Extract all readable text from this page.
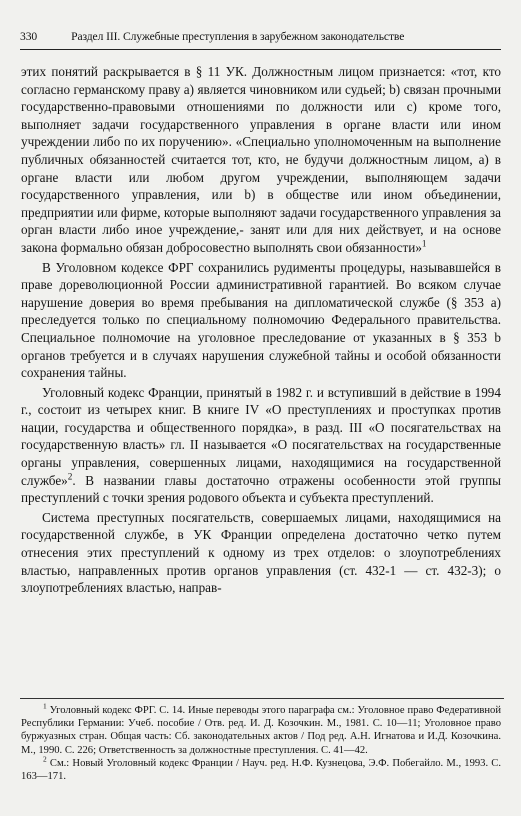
330	Раздел III. Служебные преступления в зарубежном законодательстве

этих понятий раскрывается в § 11 УК. Должностным лицом признается: «тот, кто согласно германскому праву а) является чиновником или судьей; b) связан прочными государственно-правовыми отношениями по должности или с) кроме того, выполняет задачи государственного управления в органе власти или ином учреждении либо по их поручению». «Специально уполномоченным на выполнение публичных обязанностей считается тот, кто, не будучи должностным лицом, а) в органе власти или любом другом учреждении, выполняющем задачи государственного управления, или b) в обществе или ином объединении, предприятии или фирме, которые выполняют задачи государственного управления за орган власти либо иное учреждение,- занят или для них действует, и на основе закона формально обязан добросовестно выполнять свои обязанности»$^1$

В Уголовном кодексе ФРГ сохранились рудименты процедуры, называвшейся в праве дореволюционной России административной гарантией. Во всяком случае нарушение доверия во время пребывания на дипломатической службе (§ 353 а) преследуется только по специальному полномочию Федерального правительства. Специальное полномочие на уголовное преследование от указанных в § 353 b органов требуется и в случаях нарушения служебной тайны и особой обязанности сохранения тайны.

Уголовный кодекс Франции, принятый в 1982 г. и вступивший в действие в 1994 г., состоит из четырех книг. В книге IV «О преступлениях и проступках против нации, государства и общественного порядка», в разд. III «О посягательствах на государственную власть» гл. II называется «О посягательствах на государственные органы управления, совершенных лицами, находящимися на государственной службе»$^2$. В названии главы достаточно отражены особенности этой группы преступлений с точки зрения родового объекта и субъекта преступлений.

Система преступных посягательств, совершаемых лицами, находящимися на государственной службе, в УК Франции определена достаточно четко путем отнесения этих преступлений к одному из трех отделов: о злоупотреблениях властью, направленных против органов управления (ст. 432-1 — ст. 432-3); о злоупотреблениях властью, направ-

$^1$ Уголовный кодекс ФРГ. С. 14. Иные переводы этого параграфа см.: Уголовное право Федеративной Республики Германии: Учеб. пособие / Отв. ред. И. Д. Козочкин. М., 1981. С. 10—11; Уголовное право буржуазных стран. Общая часть: Сб. законодательных актов / Под ред. А.Н. Игнатова и И.Д. Козочкина. М., 1990. С. 226; Ответственность за должностные преступления. С. 41—42.

$^2$ См.: Новый Уголовный кодекс Франции / Науч. ред. Н.Ф. Кузнецова, Э.Ф. Побегайло. М., 1993. С. 163—171.
